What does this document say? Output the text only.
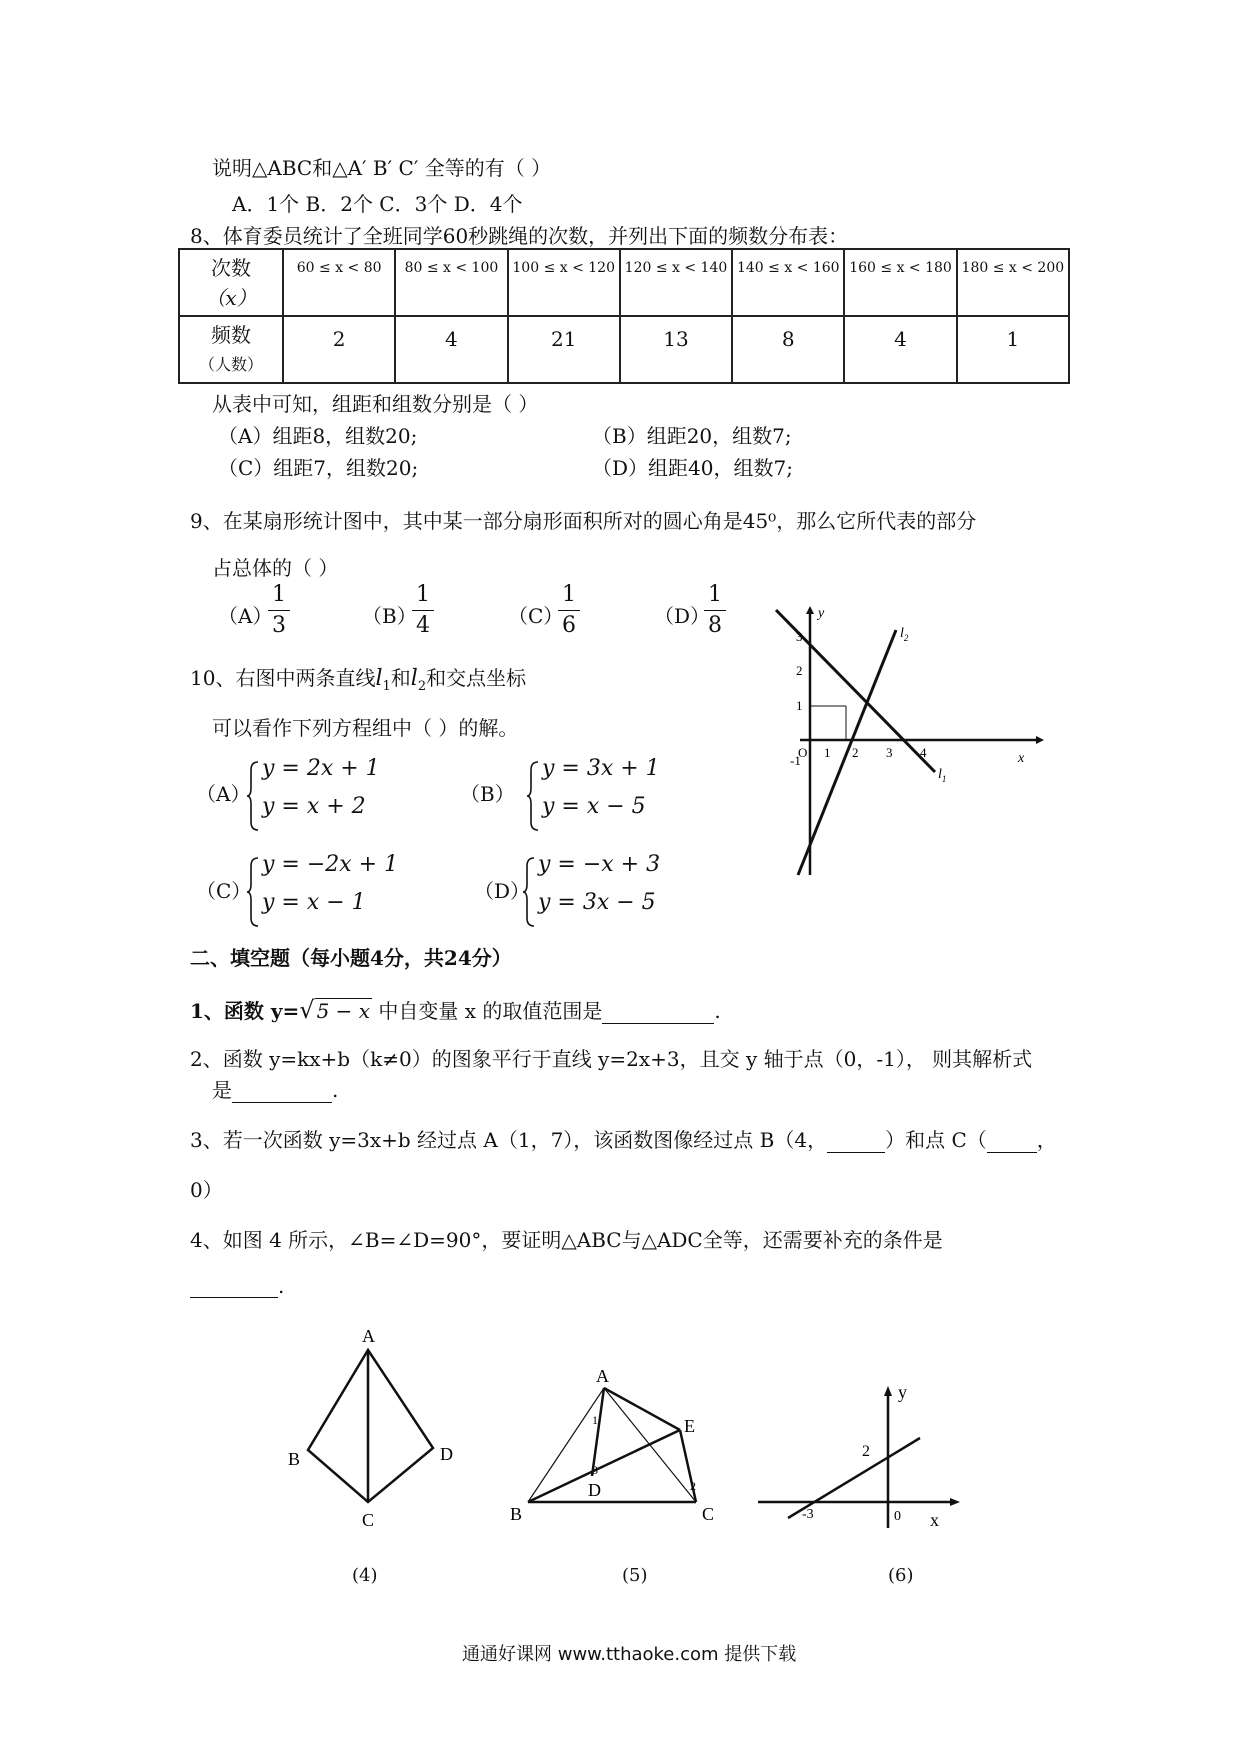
说明△ABC和△A′ B′ C′ 全等的有（ ）
A．1个 B．2个 C．3个 D．4个
8、体育委员统计了全班同学60秒跳绳的次数，并列出下面的频数分布表：
次数
（x）	60 ≤ x < 80	80 ≤ x < 100	100 ≤ x < 120	120 ≤ x < 140	140 ≤ x < 160	160 ≤ x < 180	180 ≤ x < 200

频数
（人数）	2	4	21	13	8	4	1
从表中可知，组距和组数分别是（ ）
（A）组距8，组数20;	（B）组距20，组数7;
（C）组距7，组数20;	（D）组距40，组数7;
9、在某扇形统计图中，其中某一部分扇形面积所对的圆心角是45⁰，那么它所代表的部分
占总体的（ ）
（A）
1
3	（B）
1
4	（C）
1
6	（D）
1
8
10、右图中两条直线$l_1$和$l_2$和交点坐标
可以看作下列方程组中（ ）的解。
（A）
y = 2x + 1
y = x + 2	（B）
y = 3x + 1
y = x − 5
（C）
y = −2x + 1
y = x − 1	（D）
y = −x + 3
y = 3x − 5
y
x
O 1 2 3 4
3
2
1
-1
$l_1$
$l_2$
二、填空题（每小题4分，共24分）
1、函数 y=√ 5 − x 中自变量 x 的取值范围是	.
2、函数 y=kx+b（k≠0）的图象平行于直线 y=2x+3，且交 y 轴于点（0，-1）， 则其解析式
是	.
3、若一次函数 y=3x+b 经过点 A（1，7），该函数图像经过点 B（4，	）和点 C（	，
0）
4、如图 4 所示，∠B=∠D=90°，要证明△ABC与△ADC全等，还需要补充的条件是
.
A
B
C
D
(4)
A
B	C
D
E
1
2
3
(5)
y
x
2
-3	0
(6)
通通好课网 www.tthaoke.com 提供下载
